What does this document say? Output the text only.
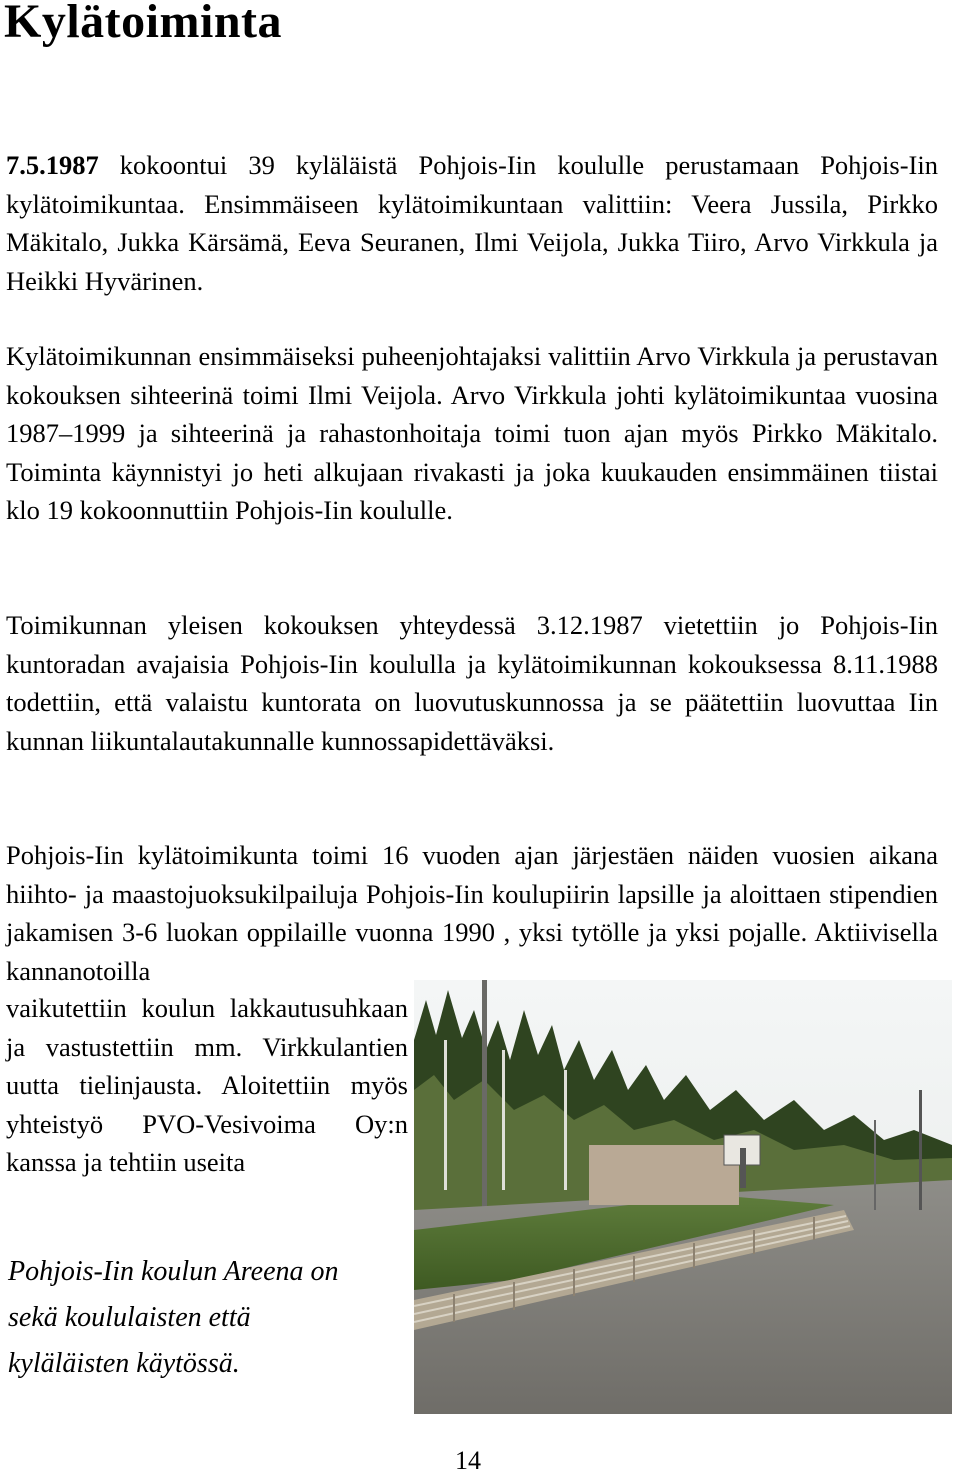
Kylätoiminta

7.5.1987 kokoontui 39 kyläläistä Pohjois-Iin koululle perustamaan Pohjois-Iin kylätoimikuntaa. Ensimmäiseen kylätoimikuntaan valittiin: Veera Jussila, Pirkko Mäkitalo, Jukka Kärsämä, Eeva Seuranen, Ilmi Veijola, Jukka Tiiro, Arvo Virkkula ja Heikki Hyvärinen.

Kylätoimikunnan ensimmäiseksi puheenjohtajaksi valittiin Arvo Virkkula ja perustavan kokouksen sihteerinä toimi Ilmi Veijola. Arvo Virkkula johti kylätoimikuntaa vuosina 1987–1999 ja sihteerinä ja rahastonhoitaja toimi tuon ajan myös Pirkko Mäkitalo. Toiminta käynnistyi jo heti alkujaan rivakasti ja joka kuukauden ensimmäinen tiistai klo 19 kokoonnuttiin Pohjois-Iin koululle.

Toimikunnan yleisen kokouksen yhteydessä 3.12.1987 vietettiin jo Pohjois-Iin kuntoradan avajaisia Pohjois-Iin koululla ja kylätoimikunnan kokouksessa 8.11.1988 todettiin, että valaistu kuntorata on luovutuskunnossa ja se päätettiin luovuttaa Iin kunnan liikuntalautakunnalle kunnossapidettäväksi.

Pohjois-Iin kylätoimikunta toimi 16 vuoden ajan järjestäen näiden vuosien aikana hiihto- ja maastojuoksukilpailuja Pohjois-Iin koulupiirin lapsille ja aloittaen stipendien jakamisen 3-6 luokan oppilaille vuonna 1990 , yksi tytölle ja yksi pojalle. Aktiivisella kannanotoilla

vaikutettiin koulun lakkautusuhkaan ja vastustettiin mm. Virkkulantien uutta tielinjausta. Aloitettiin myös yhteistyö PVO-Vesivoima Oy:n kanssa ja tehtiin useita

Pohjois-Iin koulun Areena on sekä koululaisten että kyläläisten käytössä.

14
